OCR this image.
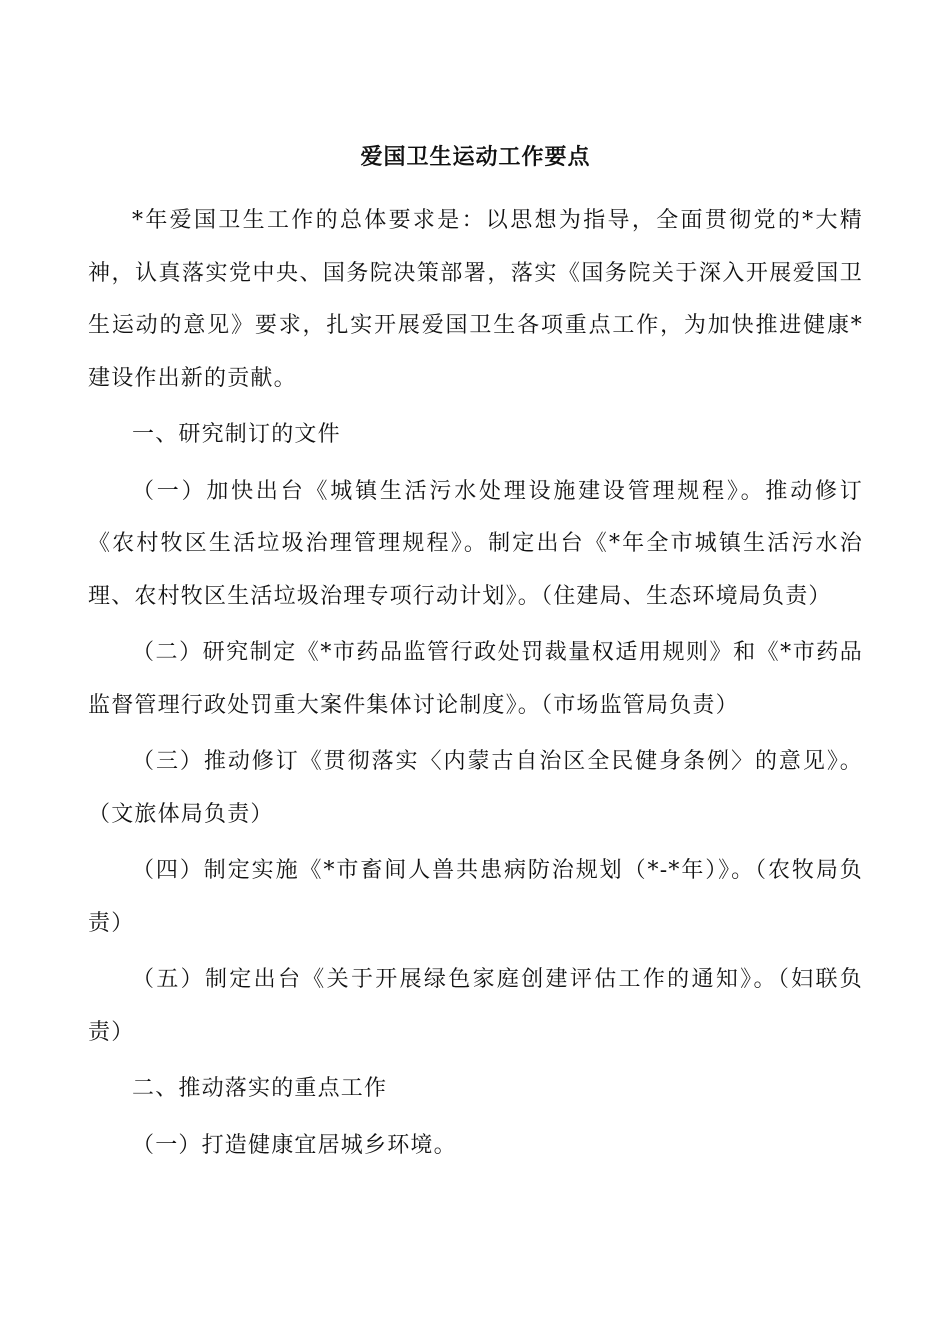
爱国卫生运动工作要点

*年爱国卫生工作的总体要求是：以思想为指导，全面贯彻党的*大精神，认真落实党中央、国务院决策部署，落实《国务院关于深入开展爱国卫生运动的意见》要求，扎实开展爱国卫生各项重点工作，为加快推进健康*建设作出新的贡献。

一、研究制订的文件

（一）加快出台《城镇生活污水处理设施建设管理规程》。推动修订《农村牧区生活垃圾治理管理规程》。制定出台《*年全市城镇生活污水治理、农村牧区生活垃圾治理专项行动计划》。（住建局、生态环境局负责）

（二）研究制定《*市药品监管行政处罚裁量权适用规则》和《*市药品监督管理行政处罚重大案件集体讨论制度》。（市场监管局负责）

（三）推动修订《贯彻落实〈内蒙古自治区全民健身条例〉的意见》。（文旅体局负责）

（四）制定实施《*市畜间人兽共患病防治规划（*-*年）》。（农牧局负责）

（五）制定出台《关于开展绿色家庭创建评估工作的通知》。（妇联负责）

二、推动落实的重点工作

（一）打造健康宜居城乡环境。
